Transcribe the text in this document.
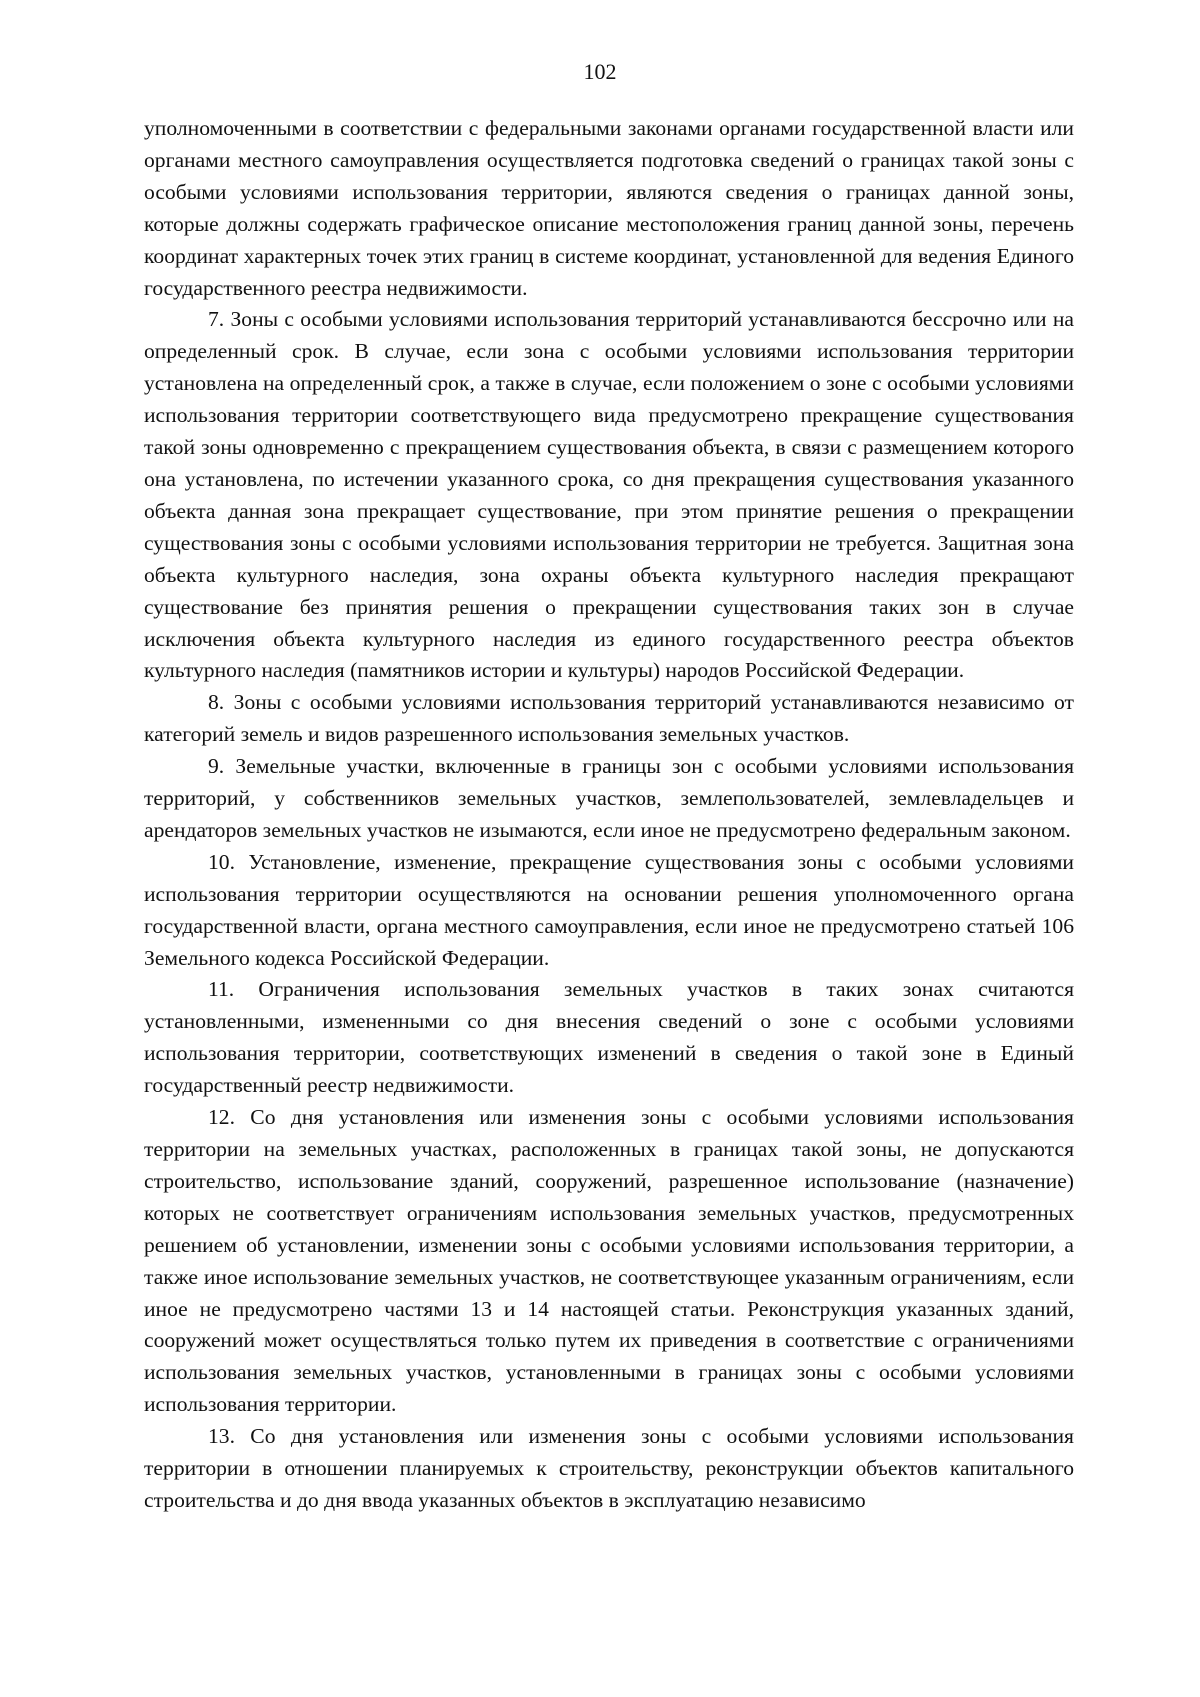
102

уполномоченными в соответствии с федеральными законами органами государственной власти или органами местного самоуправления осуществляется подготовка сведений о границах такой зоны с особыми условиями использования территории, являются сведения о границах данной зоны, которые должны содержать графическое описание местоположения границ данной зоны, перечень координат характерных точек этих границ в системе координат, установленной для ведения Единого государственного реестра недвижимости.

7. Зоны с особыми условиями использования территорий устанавливаются бессрочно или на определенный срок. В случае, если зона с особыми условиями использования территории установлена на определенный срок, а также в случае, если положением о зоне с особыми условиями использования территории соответствующего вида предусмотрено прекращение существования такой зоны одновременно с прекращением существования объекта, в связи с размещением которого она установлена, по истечении указанного срока, со дня прекращения существования указанного объекта данная зона прекращает существование, при этом принятие решения о прекращении существования зоны с особыми условиями использования территории не требуется. Защитная зона объекта культурного наследия, зона охраны объекта культурного наследия прекращают существование без принятия решения о прекращении существования таких зон в случае исключения объекта культурного наследия из единого государственного реестра объектов культурного наследия (памятников истории и культуры) народов Российской Федерации.

8. Зоны с особыми условиями использования территорий устанавливаются независимо от категорий земель и видов разрешенного использования земельных участков.

9. Земельные участки, включенные в границы зон с особыми условиями использования территорий, у собственников земельных участков, землепользователей, землевладельцев и арендаторов земельных участков не изымаются, если иное не предусмотрено федеральным законом.

10. Установление, изменение, прекращение существования зоны с особыми условиями использования территории осуществляются на основании решения уполномоченного органа государственной власти, органа местного самоуправления, если иное не предусмотрено статьей 106 Земельного кодекса Российской Федерации.

11. Ограничения использования земельных участков в таких зонах считаются установленными, измененными со дня внесения сведений о зоне с особыми условиями использования территории, соответствующих изменений в сведения о такой зоне в Единый государственный реестр недвижимости.

12. Со дня установления или изменения зоны с особыми условиями использования территории на земельных участках, расположенных в границах такой зоны, не допускаются строительство, использование зданий, сооружений, разрешенное использование (назначение) которых не соответствует ограничениям использования земельных участков, предусмотренных решением об установлении, изменении зоны с особыми условиями использования территории, а также иное использование земельных участков, не соответствующее указанным ограничениям, если иное не предусмотрено частями 13 и 14 настоящей статьи. Реконструкция указанных зданий, сооружений может осуществляться только путем их приведения в соответствие с ограничениями использования земельных участков, установленными в границах зоны с особыми условиями использования территории.

13. Со дня установления или изменения зоны с особыми условиями использования территории в отношении планируемых к строительству, реконструкции объектов капитального строительства и до дня ввода указанных объектов в эксплуатацию независимо
